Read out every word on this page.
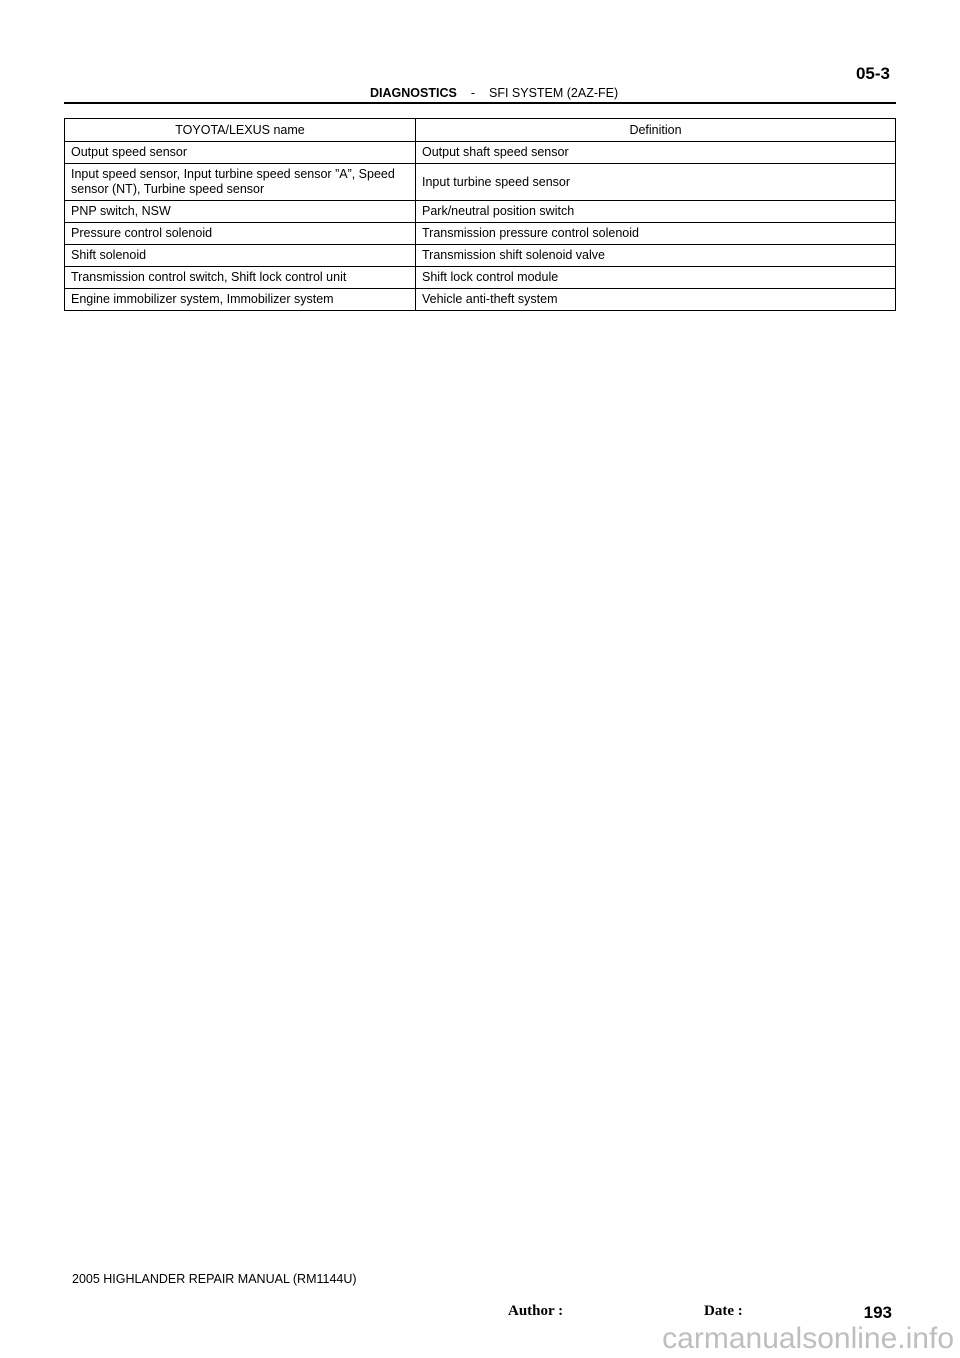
05-3
DIAGNOSTICS - SFI SYSTEM (2AZ-FE)
TOYOTA/LEXUS name	Definition
Output speed sensor	Output shaft speed sensor
Input speed sensor, Input turbine speed sensor ”A”, Speed sensor (NT), Turbine speed sensor	Input turbine speed sensor
PNP switch, NSW	Park/neutral position switch
Pressure control solenoid	Transmission pressure control solenoid
Shift solenoid	Transmission shift solenoid valve
Transmission control switch, Shift lock control unit	Shift lock control module
Engine immobilizer system, Immobilizer system	Vehicle anti-theft system
2005 HIGHLANDER REPAIR MANUAL (RM1144U)
Author :	Date :	193
carmanualsonline.info
